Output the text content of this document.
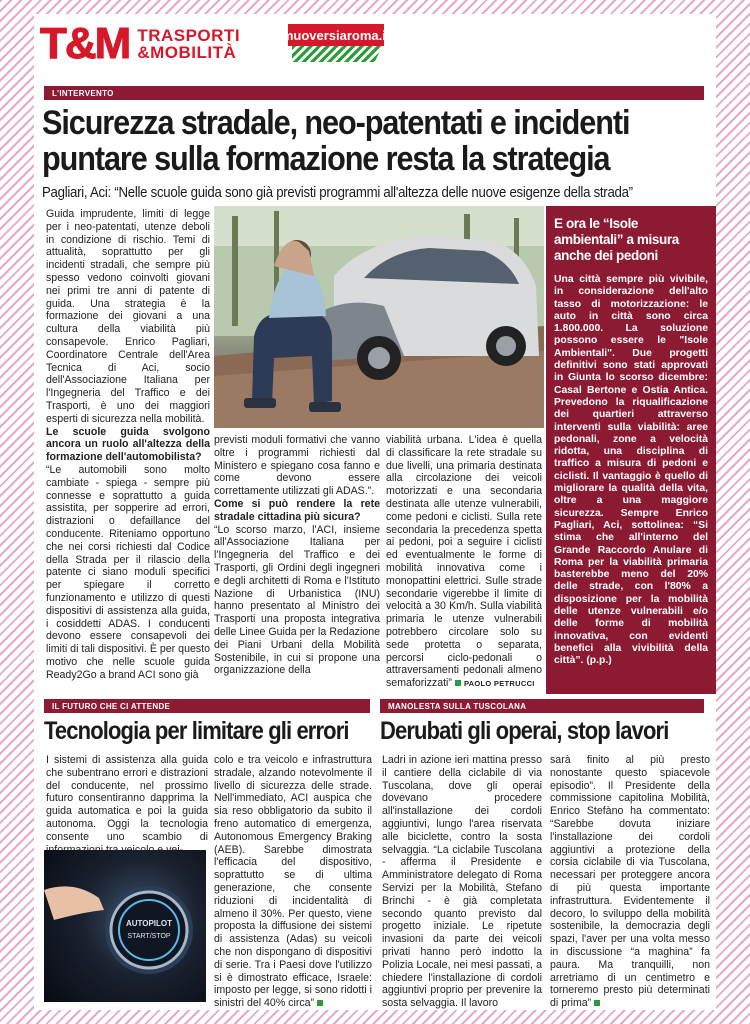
T&M TRASPORTI
&MOBILITÀ
muoversiaroma.it
L'INTERVENTO
Sicurezza stradale, neo-patentati e incidenti
puntare sulla formazione resta la strategia
Pagliari, Aci: “Nelle scuole guida sono già previsti programmi all'altezza delle nuove esigenze della strada”

Guida imprudente, limiti di legge per i neo-patentati, utenze deboli in condizione di rischio. Temi di attualità, soprattutto per gli incidenti stradali, che sempre più spesso vedono coinvolti giovani nei primi tre anni di patente di guida. Una strategia è la formazione dei giovani a una cultura della viabilità più consapevole. Enrico Pagliari, Coordinatore Centrale dell'Area Tecnica di Aci, socio dell'Associazione Italiana per l'Ingegneria del Traffico e dei Trasporti, è uno dei maggiori esperti di sicurezza nella mobilità.

Le scuole guida svolgono ancora un ruolo all'altezza della formazione dell'automobilista?

“Le automobili sono molto cambiate - spiega - sempre più connesse e soprattutto a guida assistita, per sopperire ad errori, distrazioni o defaillance del conducente. Riteniamo opportuno che nei corsi richiesti dal Codice della Strada per il rilascio della patente ci siano moduli specifici per spiegare il corretto funzionamento e utilizzo di questi dispositivi di assistenza alla guida, i cosiddetti ADAS. I conducenti devono essere consapevoli dei limiti di tali dispositivi. È per questo motivo che nelle scuole guida Ready2Go a brand ACI sono già

previsti moduli formativi che vanno oltre i programmi richiesti dal Ministero e spiegano cosa fanno e come devono essere correttamente utilizzati gli ADAS.”.

Come si può rendere la rete stradale cittadina più sicura?

“Lo scorso marzo, l'ACI, insieme all'Associazione Italiana per l'Ingegneria del Traffico e dei Trasporti, gli Ordini degli ingegneri e degli architetti di Roma e l'Istituto Nazione di Urbanistica (INU) hanno presentato al Ministro dei Trasporti una proposta integrativa delle Linee Guida per la Redazione dei Piani Urbani della Mobilità Sostenibile, in cui si propone una organizzazione della

viabilità urbana. L'idea è quella di classificare la rete stradale su due livelli, una primaria destinata alla circolazione dei veicoli motorizzati e una secondaria destinata alle utenze vulnerabili, come pedoni e ciclisti. Sulla rete secondaria la precedenza spetta ai pedoni, poi a seguire i ciclisti ed eventualmente le forme di mobilità innovativa come i monopattini elettrici. Sulle strade secondarie vigerebbe il limite di velocità a 30 Km/h. Sulla viabilità primaria le utenze vulnerabili potrebbero circolare solo su sede protetta o separata, percorsi ciclo-pedonali o attraversamenti pedonali almeno semaforizzati” PAOLO PETRUCCI

E ora le “Isole ambientali” a misura anche dei pedoni
Una città sempre più vivibile, in considerazione dell'alto tasso di motorizzazione: le auto in città sono circa 1.800.000. La soluzione possono essere le "Isole Ambientali". Due progetti definitivi sono stati approvati in Giunta lo scorso dicembre: Casal Bertone e Ostia Antica. Prevedono la riqualificazione dei quartieri attraverso interventi sulla viabilità: aree pedonali, zone a velocità ridotta, una disciplina di traffico a misura di pedoni e ciclisti. Il vantaggio è quello di migliorare la qualità della vita, oltre a una maggiore sicurezza. Sempre Enrico Pagliari, Aci, sottolinea: “Si stima che all'interno del Grande Raccordo Anulare di Roma per la viabilità primaria basterebbe meno del 20% delle strade, con l'80% a disposizione per la mobilità delle utenze vulnerabili e/o delle forme di mobilità innovativa, con evidenti benefici alla vivibilità della città”. (p.p.)
IL FUTURO CHE CI ATTENDE
Tecnologia per limitare gli errori
I sistemi di assistenza alla guida che subentrano errori e distrazioni del conducente, nel prossimo futuro consentiranno dapprima la guida automatica e poi la guida autonoma. Oggi la tecnologia consente uno scambio di
AUTOPILOT
START/STOP
colo e tra veicolo e infrastruttura stradale, alzando notevolmente il livello di sicurezza delle strade. Nell'immediato, ACI auspica che sia reso obbligatorio da subito il freno automatico di emergenza, Autonomous Emergency Braking (AEB). Sarebbe dimostrata l'efficacia del dispositivo, soprattutto se di ultima generazione, che consente riduzioni di incidentalità di almeno il 30%. Per questo, viene proposta la diffusione dei sistemi di assistenza (Adas) su veicoli che non dispongano di dispositivi di serie. Tra i Paesi dove l'utilizzo si è dimostrato efficace, Israele: imposto per legge, si sono ridotti i sinistri del 40% circa”
MANOLESTA SULLA TUSCOLANA
Derubati gli operai, stop lavori
Ladri in azione ieri mattina presso il cantiere della ciclabile di via Tuscolana, dove gli operai dovevano procedere all'installazione dei cordoli aggiuntivi, lungo l'area riservata alle biciclette, contro la sosta selvaggia. “La ciclabile Tuscolana - afferma il Presidente e Amministratore delegato di Roma Servizi per la Mobilità, Stefano Brinchi - è già completata secondo quanto previsto dal progetto iniziale. Le ripetute invasioni da parte dei veicoli privati hanno però indotto la Polizia Locale, nei mesi passati, a chiedere l'installazione di cordoli aggiuntivi proprio per prevenire la sosta selvaggia. Il lavoro
sarà finito al più presto nonostante questo spiacevole episodio”. Il Presidente della commissione capitolina Mobilità, Enrico Stefàno ha commentato: “Sarebbe dovuta iniziare l'installazione dei cordoli aggiuntivi a protezione della corsia ciclabile di via Tuscolana, necessari per proteggere ancora di più questa importante infrastruttura. Evidentemente il decoro, lo sviluppo della mobilità sostenibile, la democrazia degli spazi, l'aver per una volta messo in discussione “a maghina” fa paura. Ma tranquilli, non arretriamo di un centimetro e torneremo presto più determinati di prima”
